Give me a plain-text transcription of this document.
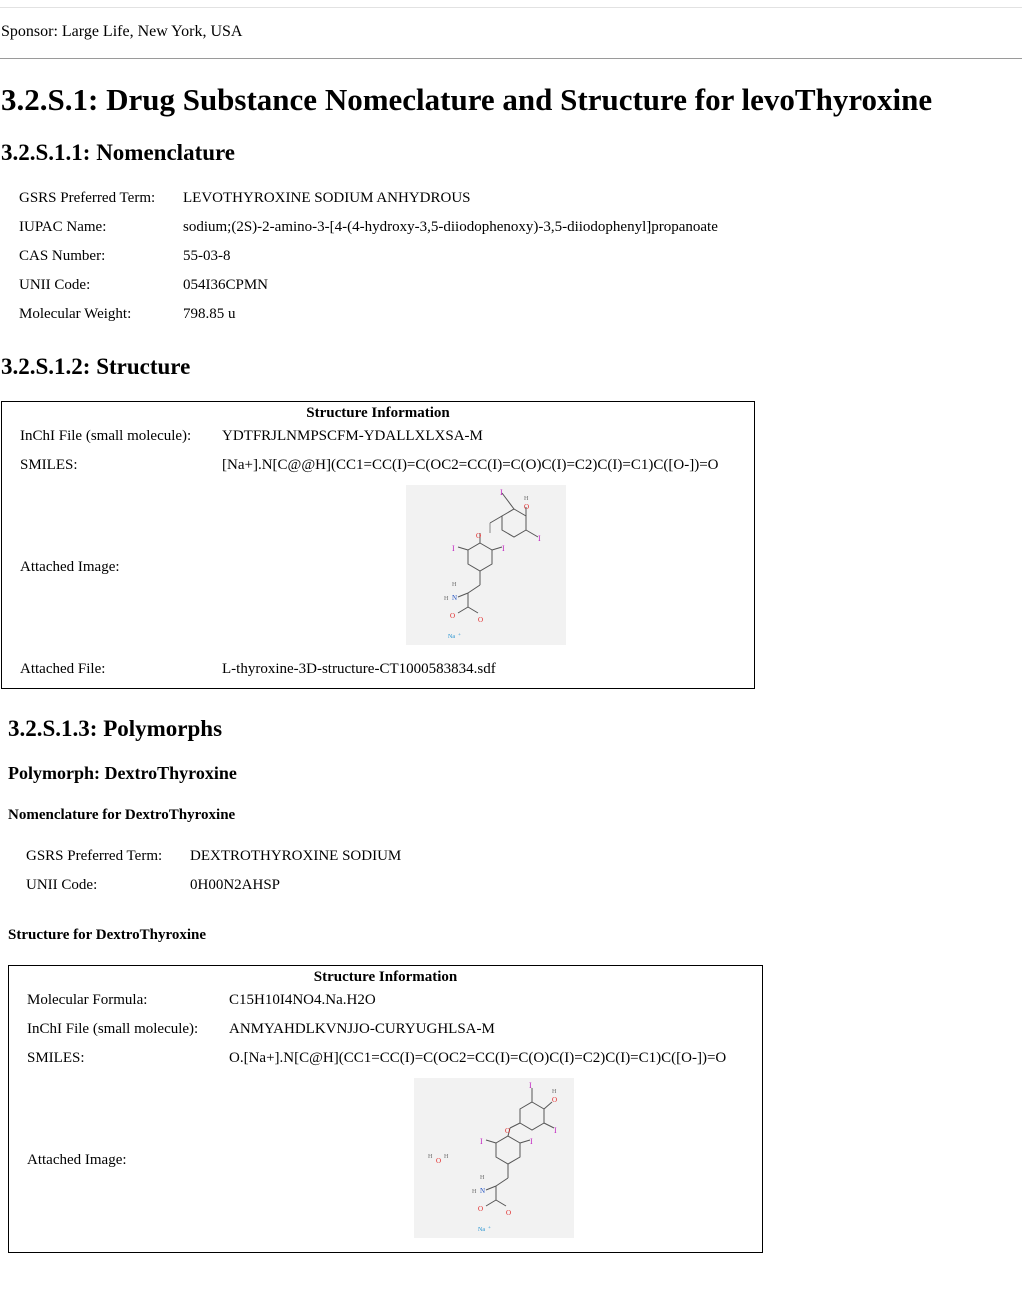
Sponsor: Large Life, New York, USA
3.2.S.1: Drug Substance Nomeclature and Structure for levoThyroxine
3.2.S.1.1: Nomenclature
GSRS Preferred Term:	LEVOTHYROXINE SODIUM ANHYDROUS
IUPAC Name:	sodium;(2S)-2-amino-3-[4-(4-hydroxy-3,5-diiodophenoxy)-3,5-diiodophenyl]propanoate
CAS Number:	55-03-8
UNII Code:	054I36CPMN
Molecular Weight:	798.85 u
3.2.S.1.2: Structure
Structure Information
InChI File (small molecule): YDTFRJLNMPSCFM-YDALLXLXSA-M
SMILES:	[Na+].N[C@@H](CC1=CC(I)=C(OC2=CC(I)=C(O)C(I)=C2)C(I)=C1)C([O-])=O
Attached Image:
I
H
O
I
O
I	I
H
H N
O	O
Na +
Attached File:	L-thyroxine-3D-structure-CT1000583834.sdf
3.2.S.1.3: Polymorphs
Polymorph: DextroThyroxine
Nomenclature for DextroThyroxine
GSRS Preferred Term:	DEXTROTHYROXINE SODIUM
UNII Code:	0H00N2AHSP
Structure for DextroThyroxine
Structure Information
Molecular Formula:	C15H10I4NO4.Na.H2O
InChI File (small molecule): ANMYAHDLKVNJJO-CURYUGHLSA-M
SMILES:	O.[Na+].N[C@H](CC1=CC(I)=C(OC2=CC(I)=C(O)C(I)=C2)C(I)=C1)C([O-])=O
Attached Image:
I
H
O
I
O
I	I
H O H
H
H N
O	O
Na +
